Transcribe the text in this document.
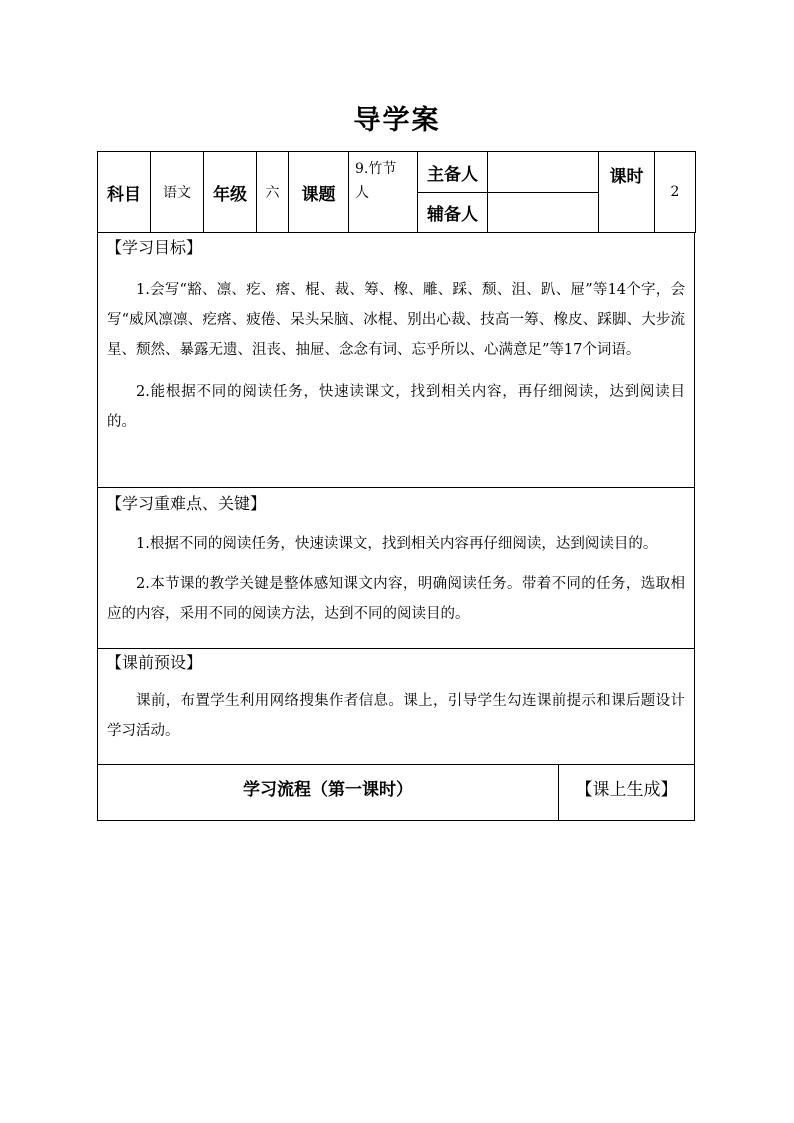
导学案
科目	语文	年级	六	课题	9.竹节人	主备人		课时	2
						辅备人			
【学习目标】
1.会写“豁、凛、疙、瘩、棍、裁、筹、橡、雕、踩、颓、沮、趴、屉”等14个字，会写“威风凛凛、疙瘩、疲倦、呆头呆脑、冰棍、别出心裁、技高一筹、橡皮、踩脚、大步流星、颓然、暴露无遗、沮丧、抽屉、念念有词、忘乎所以、心满意足”等17个词语。
2.能根据不同的阅读任务，快速读课文，找到相关内容，再仔细阅读，达到阅读目的。
【学习重难点、关键】
1.根据不同的阅读任务，快速读课文，找到相关内容再仔细阅读，达到阅读目的。
2.本节课的教学关键是整体感知课文内容，明确阅读任务。带着不同的任务，选取相应的内容，采用不同的阅读方法，达到不同的阅读目的。
【课前预设】
课前，布置学生利用网络搜集作者信息。课上，引导学生勾连课前提示和课后题设计学习活动。
学习流程（第一课时）	【课上生成】
